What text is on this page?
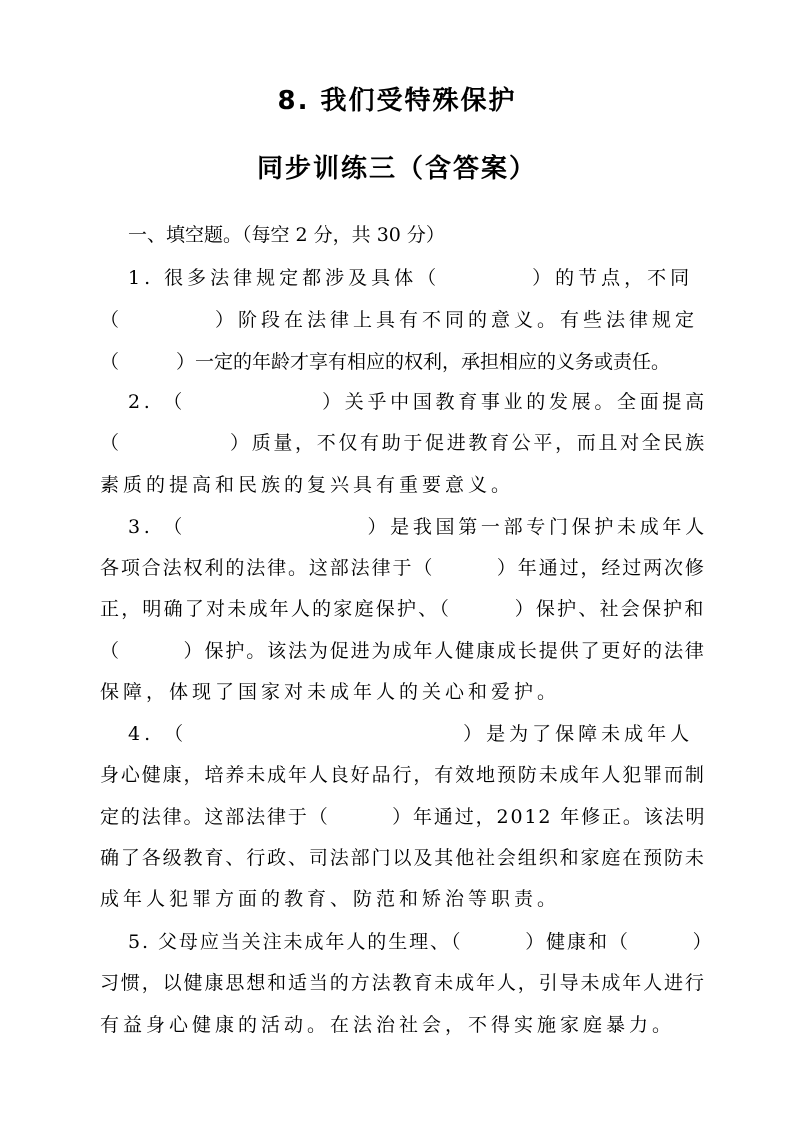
8. 我们受特殊保护
同步训练三（含答案）
一、填空题。（每空 2 分，共 30 分）
1. 很多法律规定都涉及具体（　　　　）的节点，不同
（　　　　）阶段在法律上具有不同的意义。有些法律规定
（　　　）一定的年龄才享有相应的权利，承担相应的义务或责任。
2. （　　　　　　）关乎中国教育事业的发展。全面提高
（　　　　　）质量，不仅有助于促进教育公平，而且对全民族
素质的提高和民族的复兴具有重要意义。
3. （　　　　　　　　）是我国第一部专门保护未成年人
各项合法权利的法律。这部法律于（　　　）年通过，经过两次修
正，明确了对未成年人的家庭保护、（　　　）保护、社会保护和
（　　　）保护。该法为促进为成年人健康成长提供了更好的法律
保障，体现了国家对未成年人的关心和爱护。
4. （　　　　　　　　　　　　）是为了保障未成年人
身心健康，培养未成年人良好品行，有效地预防未成年人犯罪而制
定的法律。这部法律于（　　　）年通过，2012 年修正。该法明
确了各级教育、行政、司法部门以及其他社会组织和家庭在预防未
成年人犯罪方面的教育、防范和矫治等职责。
5. 父母应当关注未成年人的生理、（　　　）健康和（　　　）
习惯，以健康思想和适当的方法教育未成年人，引导未成年人进行
有益身心健康的活动。在法治社会，不得实施家庭暴力。
